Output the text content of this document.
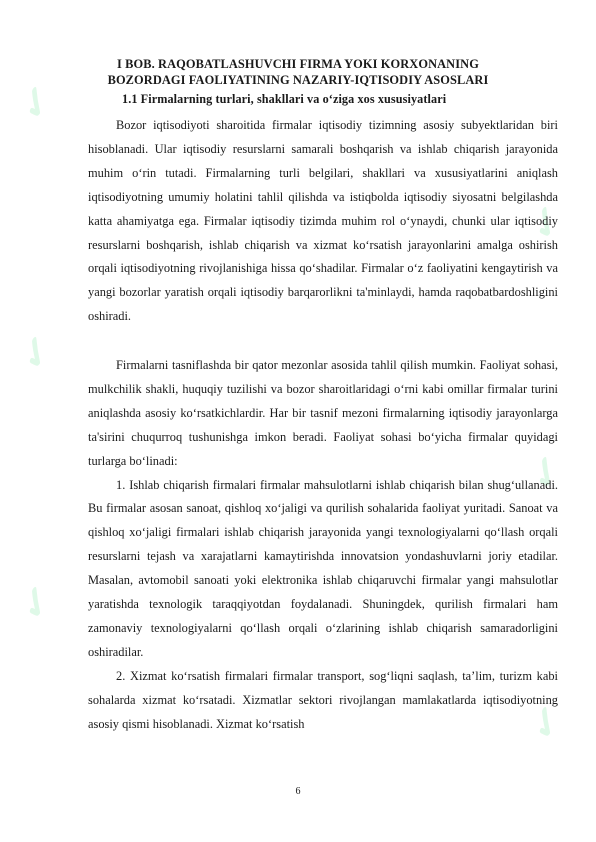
✓
✓
✓
✓
✓
✓
I BOB. RAQOBATLASHUVCHI FIRMA YOKI KORXONANING
BOZORDAGI FAOLIYATINING NAZARIY-IQTISODIY ASOSLARI
1.1 Firmalarning turlari, shakllari va o‘ziga xos xususiyatlari

Bozor iqtisodiyoti sharoitida firmalar iqtisodiy tizimning asosiy subyektlaridan biri hisoblanadi. Ular iqtisodiy resurslarni samarali boshqarish va ishlab chiqarish jarayonida muhim o‘rin tutadi. Firmalarning turli belgilari, shakllari va xususiyatlarini aniqlash iqtisodiyotning umumiy holatini tahlil qilishda va istiqbolda iqtisodiy siyosatni belgilashda katta ahamiyatga ega. Firmalar iqtisodiy tizimda muhim rol o‘ynaydi, chunki ular iqtisodiy resurslarni boshqarish, ishlab chiqarish va xizmat ko‘rsatish jarayonlarini amalga oshirish orqali iqtisodiyotning rivojlanishiga hissa qo‘shadilar. Firmalar o‘z faoliyatini kengaytirish va yangi bozorlar yaratish orqali iqtisodiy barqarorlikni ta'minlaydi, hamda raqobatbardoshligini oshiradi.

Firmalarni tasniflashda bir qator mezonlar asosida tahlil qilish mumkin. Faoliyat sohasi, mulkchilik shakli, huquqiy tuzilishi va bozor sharoitlaridagi o‘rni kabi omillar firmalar turini aniqlashda asosiy ko‘rsatkichlardir. Har bir tasnif mezoni firmalarning iqtisodiy jarayonlarga ta'sirini chuqurroq tushunishga imkon beradi. Faoliyat sohasi bo‘yicha firmalar quyidagi turlarga bo‘linadi:

1. Ishlab chiqarish firmalari firmalar mahsulotlarni ishlab chiqarish bilan shug‘ullanadi. Bu firmalar asosan sanoat, qishloq xo‘jaligi va qurilish sohalarida faoliyat yuritadi. Sanoat va qishloq xo‘jaligi firmalari ishlab chiqarish jarayonida yangi texnologiyalarni qo‘llash orqali resurslarni tejash va xarajatlarni kamaytirishda innovatsion yondashuvlarni joriy etadilar. Masalan, avtomobil sanoati yoki elektronika ishlab chiqaruvchi firmalar yangi mahsulotlar yaratishda texnologik taraqqiyotdan foydalanadi. Shuningdek, qurilish firmalari ham zamonaviy texnologiyalarni qo‘llash orqali o‘zlarining ishlab chiqarish samaradorligini oshiradilar.

2. Xizmat ko‘rsatish firmalari firmalar transport, sog‘liqni saqlash, ta’lim, turizm kabi sohalarda xizmat ko‘rsatadi. Xizmatlar sektori rivojlangan mamlakatlarda iqtisodiyotning asosiy qismi hisoblanadi. Xizmat ko‘rsatish

6
